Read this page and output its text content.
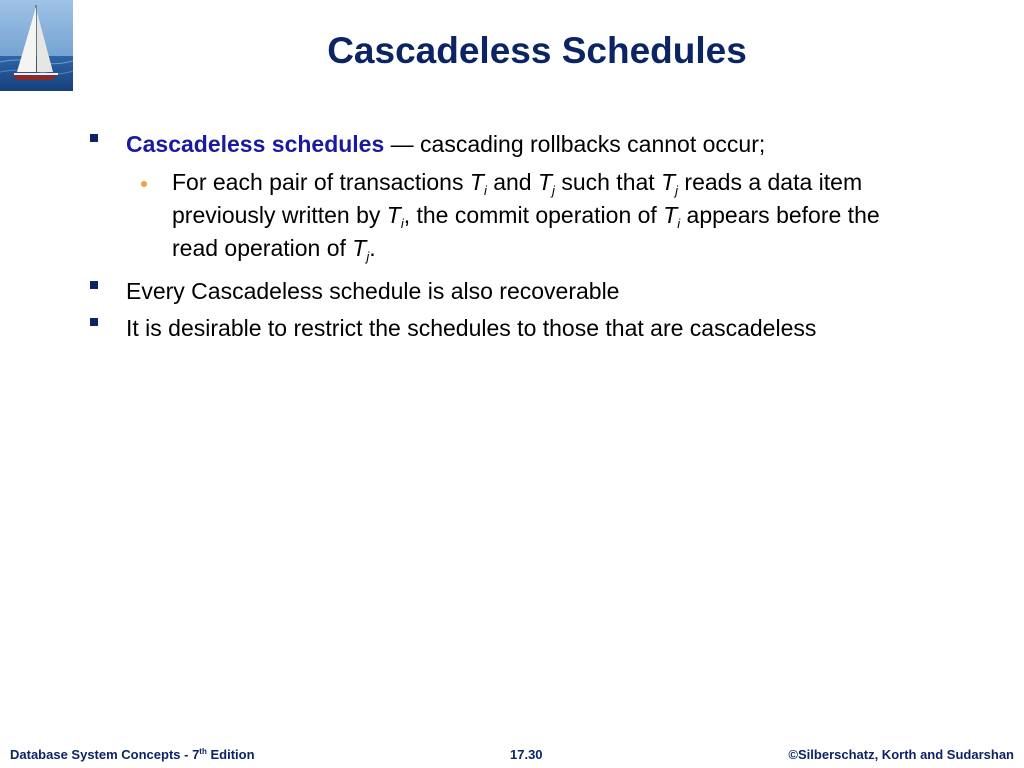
Cascadeless Schedules
Cascadeless schedules — cascading rollbacks cannot occur;
For each pair of transactions $T_i$ and $T_j$ such that $T_j$ reads a data item
previously written by $T_i$, the commit operation of $T_i$ appears before the
read operation of $T_j$.
Every Cascadeless schedule is also recoverable
It is desirable to restrict the schedules to those that are cascadeless
Database System Concepts - 7th Edition	17.30	©Silberschatz, Korth and Sudarshan
